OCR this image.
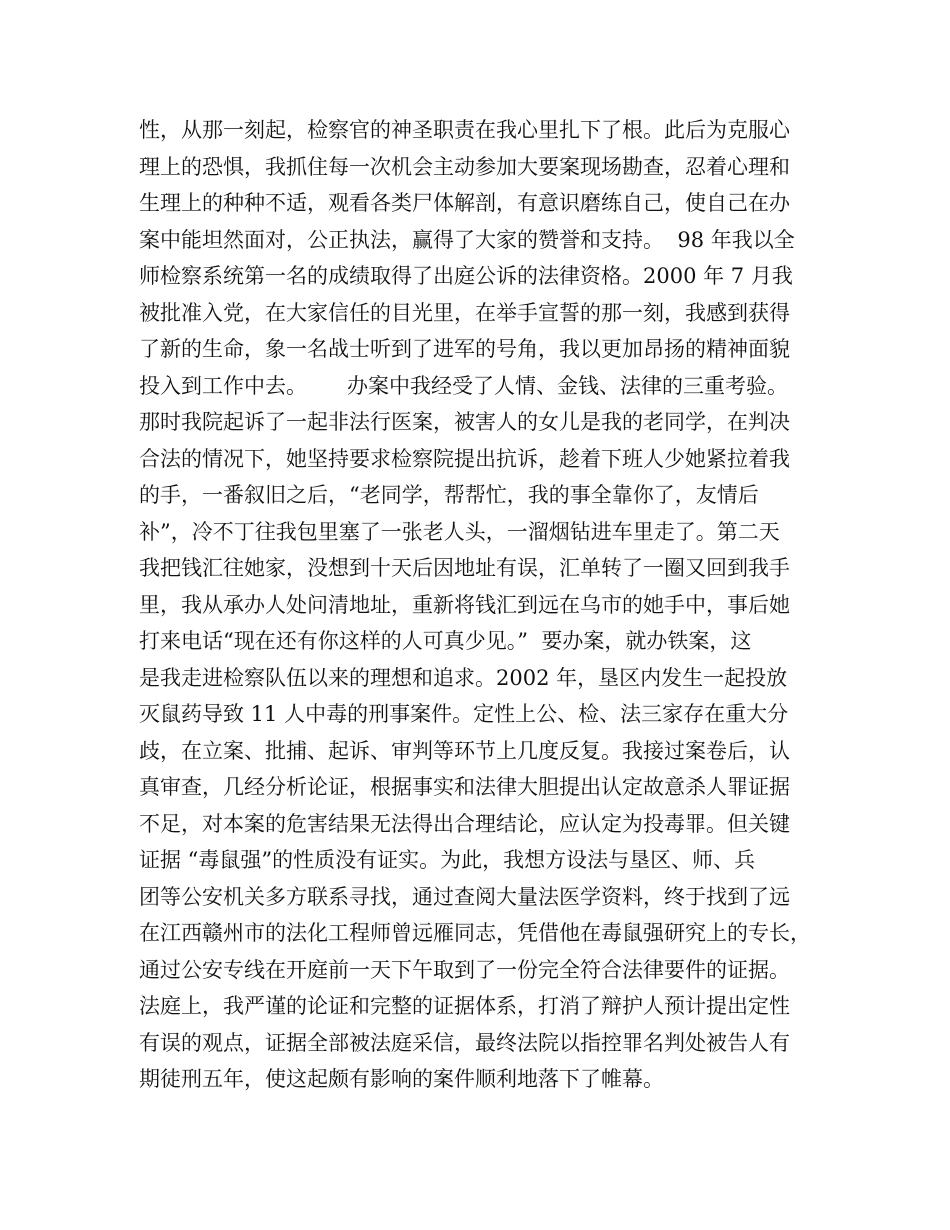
性，从那一刻起，检察官的神圣职责在我心里扎下了根。此后为克服心
理上的恐惧，我抓住每一次机会主动参加大要案现场勘查，忍着心理和
生理上的种种不适，观看各类尸体解剖，有意识磨练自己，使自己在办
案中能坦然面对，公正执法，赢得了大家的赞誉和支持。  98 年我以全
师检察系统第一名的成绩取得了出庭公诉的法律资格。2000 年 7 月我
被批准入党，在大家信任的目光里，在举手宣誓的那一刻，我感到获得
了新的生命，象一名战士听到了进军的号角，我以更加昂扬的精神面貌
投入到工作中去。      办案中我经受了人情、金钱、法律的三重考验。
那时我院起诉了一起非法行医案，被害人的女儿是我的老同学，在判决
合法的情况下，她坚持要求检察院提出抗诉，趁着下班人少她紧拉着我
的手，一番叙旧之后，“老同学，帮帮忙，我的事全靠你了，友情后
补”，冷不丁往我包里塞了一张老人头，一溜烟钻进车里走了。第二天
我把钱汇往她家，没想到十天后因地址有误，汇单转了一圈又回到我手
里，我从承办人处问清地址，重新将钱汇到远在乌市的她手中，事后她
打来电话“现在还有你这样的人可真少见。”  要办案，就办铁案，这
是我走进检察队伍以来的理想和追求。2002 年，垦区内发生一起投放
灭鼠药导致 11 人中毒的刑事案件。定性上公、检、法三家存在重大分
歧，在立案、批捕、起诉、审判等环节上几度反复。我接过案卷后，认
真审查，几经分析论证，根据事实和法律大胆提出认定故意杀人罪证据
不足，对本案的危害结果无法得出合理结论，应认定为投毒罪。但关键
证据 “毒鼠强”的性质没有证实。为此，我想方设法与垦区、师、兵
团等公安机关多方联系寻找，通过查阅大量法医学资料，终于找到了远
在江西赣州市的法化工程师曾远雁同志，凭借他在毒鼠强研究上的专长，
通过公安专线在开庭前一天下午取到了一份完全符合法律要件的证据。
法庭上，我严谨的论证和完整的证据体系，打消了辩护人预计提出定性
有误的观点，证据全部被法庭采信，最终法院以指控罪名判处被告人有
期徒刑五年，使这起颇有影响的案件顺利地落下了帷幕。
